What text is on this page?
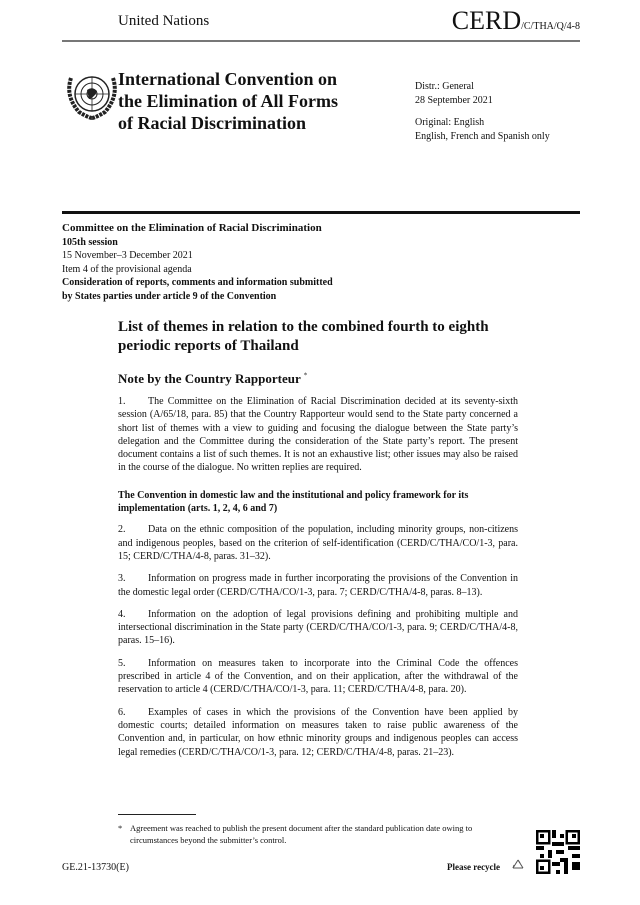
United Nations	CERD/C/THA/Q/4-8
International Convention on
the Elimination of All Forms
of Racial Discrimination
Distr.: General
28 September 2021
Original: English
English, French and Spanish only
Committee on the Elimination of Racial Discrimination
105th session
15 November–3 December 2021
Item 4 of the provisional agenda
Consideration of reports, comments and information submitted
by States parties under article 9 of the Convention
List of themes in relation to the combined fourth to eighth periodic reports of Thailand
Note by the Country Rapporteur *

1. The Committee on the Elimination of Racial Discrimination decided at its seventy-sixth session (A/65/18, para. 85) that the Country Rapporteur would send to the State party concerned a short list of themes with a view to guiding and focusing the dialogue between the State party’s delegation and the Committee during the consideration of the State party’s report. The present document contains a list of such themes. It is not an exhaustive list; other issues may also be raised in the course of the dialogue. No written replies are required.

The Convention in domestic law and the institutional and policy framework for its implementation (arts. 1, 2, 4, 6 and 7)

2. Data on the ethnic composition of the population, including minority groups, non-citizens and indigenous peoples, based on the criterion of self-identification (CERD/C/THA/CO/1-3, para. 15; CERD/C/THA/4-8, paras. 31–32).

3. Information on progress made in further incorporating the provisions of the Convention in the domestic legal order (CERD/C/THA/CO/1-3, para. 7; CERD/C/THA/4-8, paras. 8–13).

4. Information on the adoption of legal provisions defining and prohibiting multiple and intersectional discrimination in the State party (CERD/C/THA/CO/1-3, para. 9; CERD/C/THA/4-8, paras. 15–16).

5. Information on measures taken to incorporate into the Criminal Code the offences prescribed in article 4 of the Convention, and on their application, after the withdrawal of the reservation to article 4 (CERD/C/THA/CO/1-3, para. 11; CERD/C/THA/4-8, para. 20).

6. Examples of cases in which the provisions of the Convention have been applied by domestic courts; detailed information on measures taken to raise public awareness of the Convention and, in particular, on how ethnic minority groups and indigenous peoples can access legal remedies (CERD/C/THA/CO/1-3, para. 12; CERD/C/THA/4-8, paras. 21–23).

* Agreement was reached to publish the present document after the standard publication date owing to circumstances beyond the submitter’s control.
GE.21-13730(E)	Please recycle
